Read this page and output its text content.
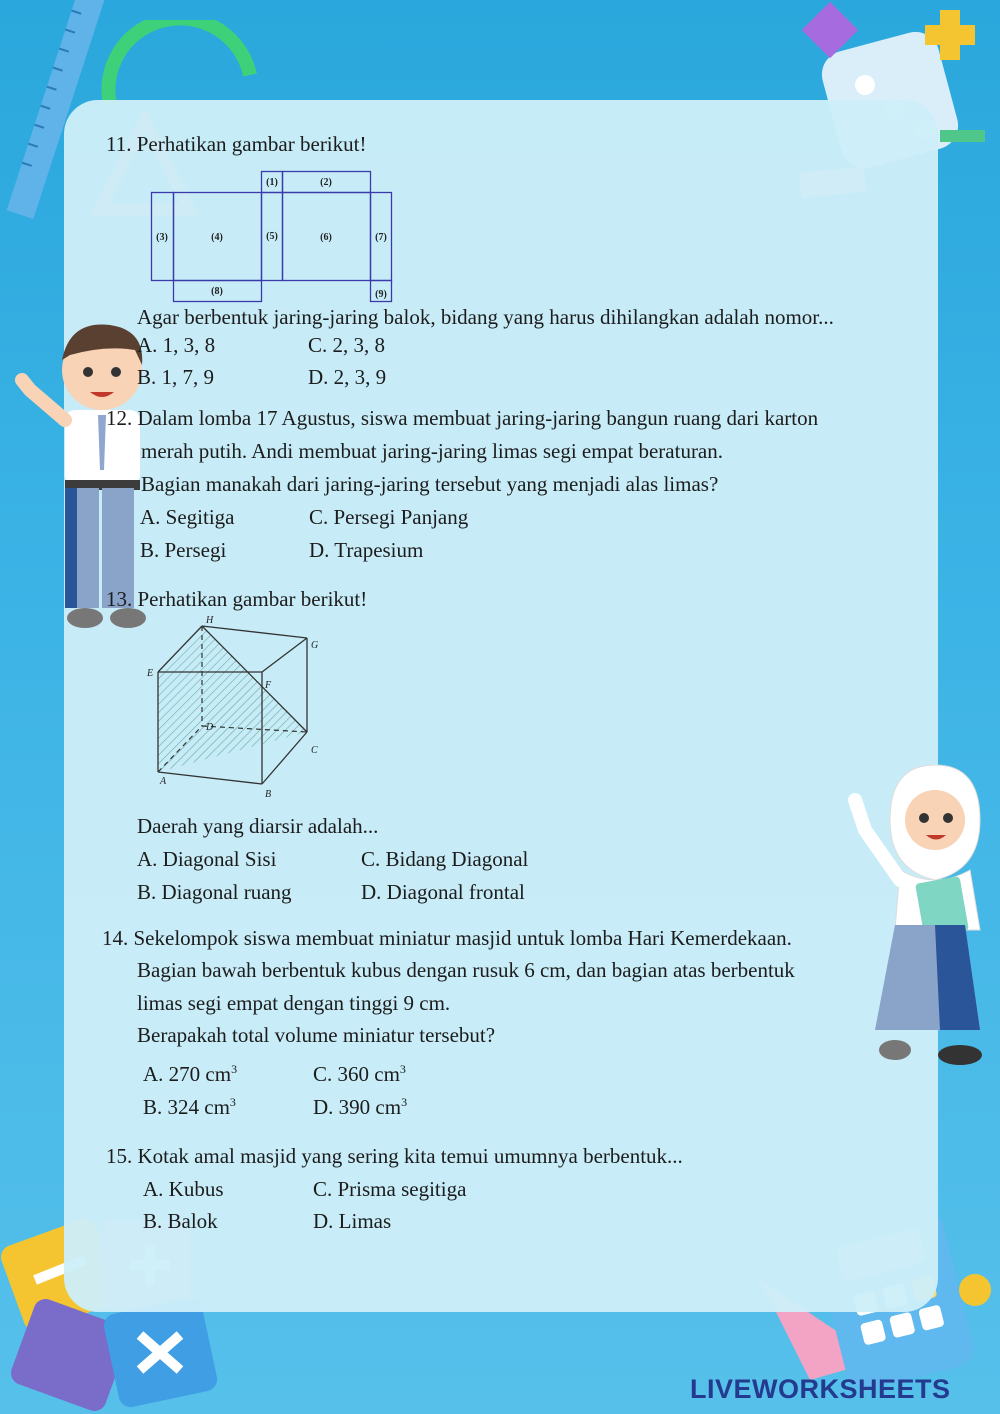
11. Perhatikan gambar berikut!
(1)	(2)
(3)	(4)	(5)	(6)	(7)
(8)	(9)
Agar berbentuk jaring-jaring balok, bidang yang harus dihilangkan adalah nomor...
A. 1, 3, 8	C. 2, 3, 8
B. 1, 7, 9	D. 2, 3, 9
12. Dalam lomba 17 Agustus, siswa membuat jaring-jaring bangun ruang dari karton
merah putih. Andi membuat jaring-jaring limas segi empat beraturan.
Bagian manakah dari jaring-jaring tersebut yang menjadi alas limas?
A. Segitiga	C. Persegi Panjang
B. Persegi	D. Trapesium
13. Perhatikan gambar berikut!
H
G
E
F
D
C
A
B
Daerah yang diarsir adalah...
A. Diagonal Sisi	C. Bidang Diagonal
B. Diagonal ruang	D. Diagonal frontal
14. Sekelompok siswa membuat miniatur masjid untuk lomba Hari Kemerdekaan.
Bagian bawah berbentuk kubus dengan rusuk 6 cm, dan bagian atas berbentuk
limas segi empat dengan tinggi 9 cm.
Berapakah total volume miniatur tersebut?
A. 270 $cm^3$	C. 360 $cm^3$
B. 324 $cm^3$	D. 390 $cm^3$
15. Kotak amal masjid yang sering kita temui umumnya berbentuk...
A. Kubus	C. Prisma segitiga
B. Balok	D. Limas
LIVEWORKSHEETS
